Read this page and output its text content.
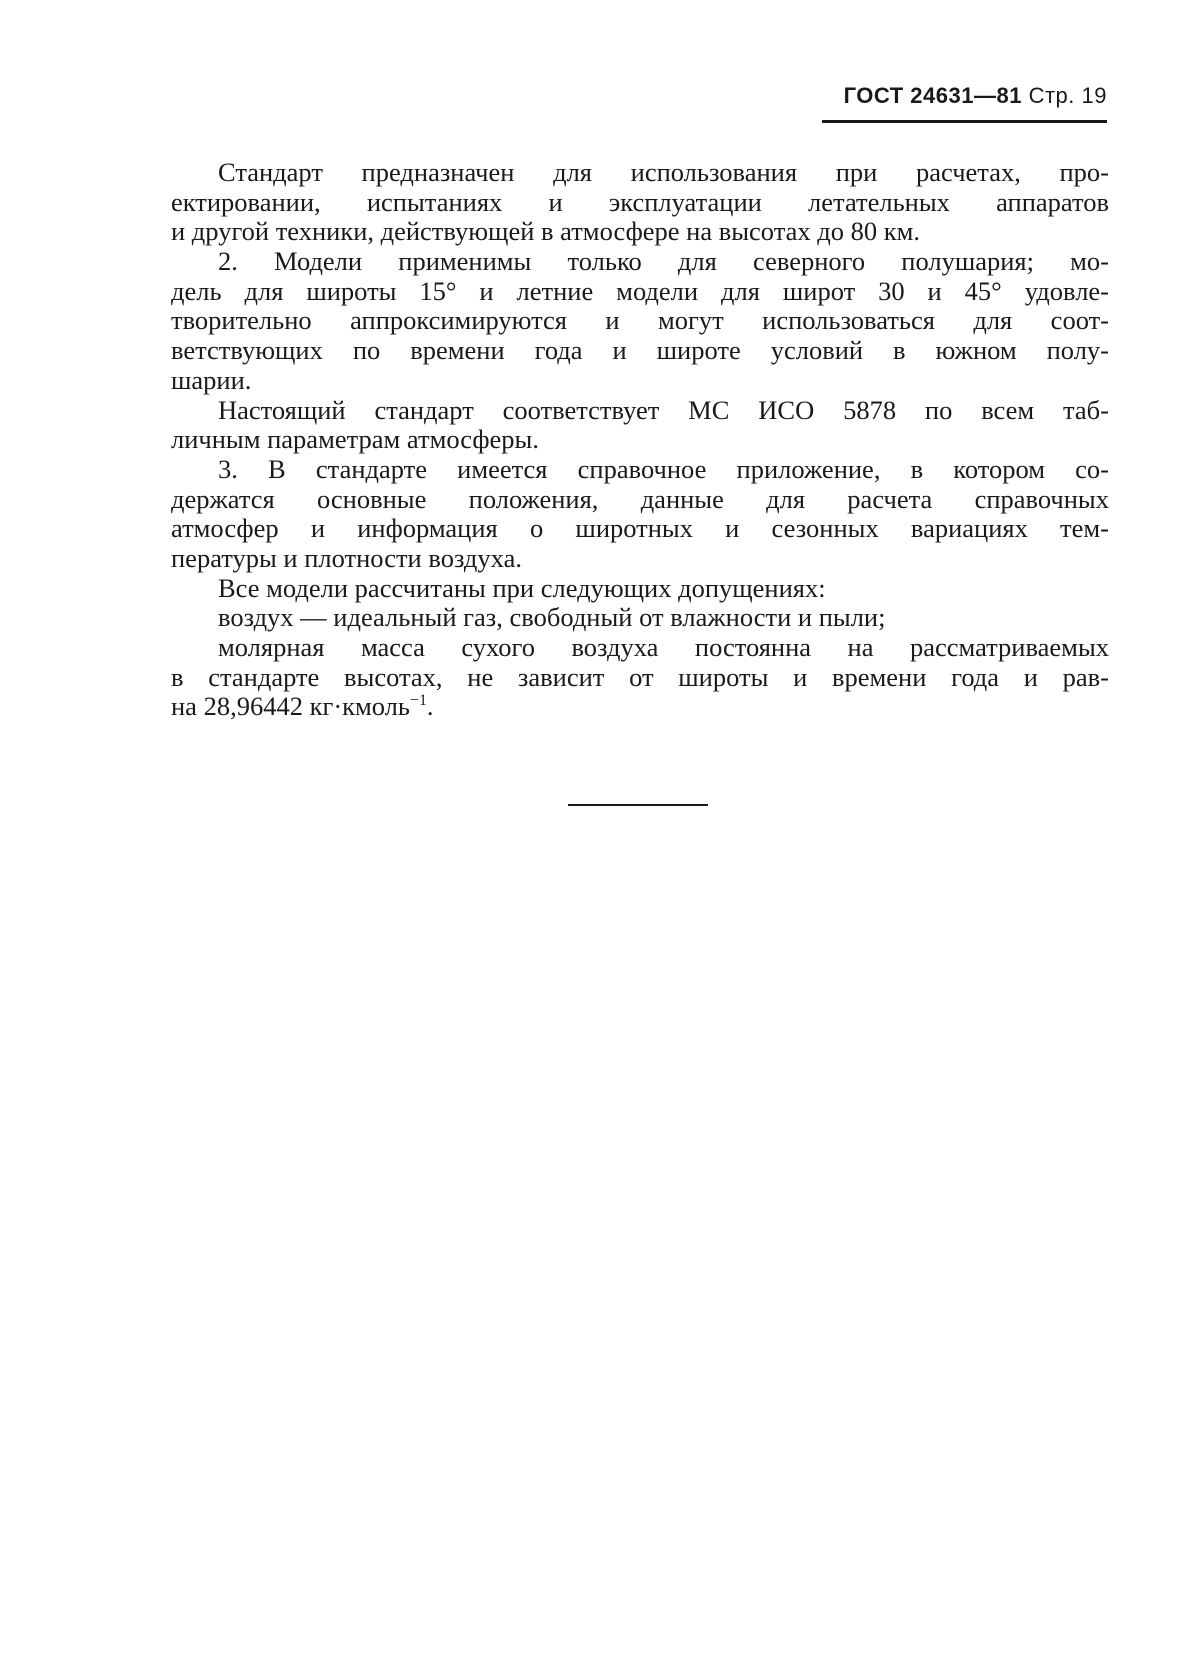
ГОСТ 24631—81 Стр. 19
Стандарт предназначен для использования при расчетах, про-
ектировании, испытаниях и эксплуатации летательных аппаратов
и другой техники, действующей в атмосфере на высотах до 80 км.
2. Модели применимы только для северного полушария; мо-
дель для широты 15° и летние модели для широт 30 и 45° удовле-
творительно аппроксимируются и могут использоваться для соот-
ветствующих по времени года и широте условий в южном полу-
шарии.
Настоящий стандарт соответствует МС ИСО 5878 по всем таб-
личным параметрам атмосферы.
3. В стандарте имеется справочное приложение, в котором со-
держатся основные положения, данные для расчета справочных
атмосфер и информация о широтных и сезонных вариациях тем-
пературы и плотности воздуха.
Все модели рассчитаны при следующих допущениях:
воздух — идеальный газ, свободный от влажности и пыли;
молярная масса сухого воздуха постоянна на рассматриваемых
в стандарте высотах, не зависит от широты и времени года и рав-
на 28,96442 кг·кмоль$^{-1}$.
